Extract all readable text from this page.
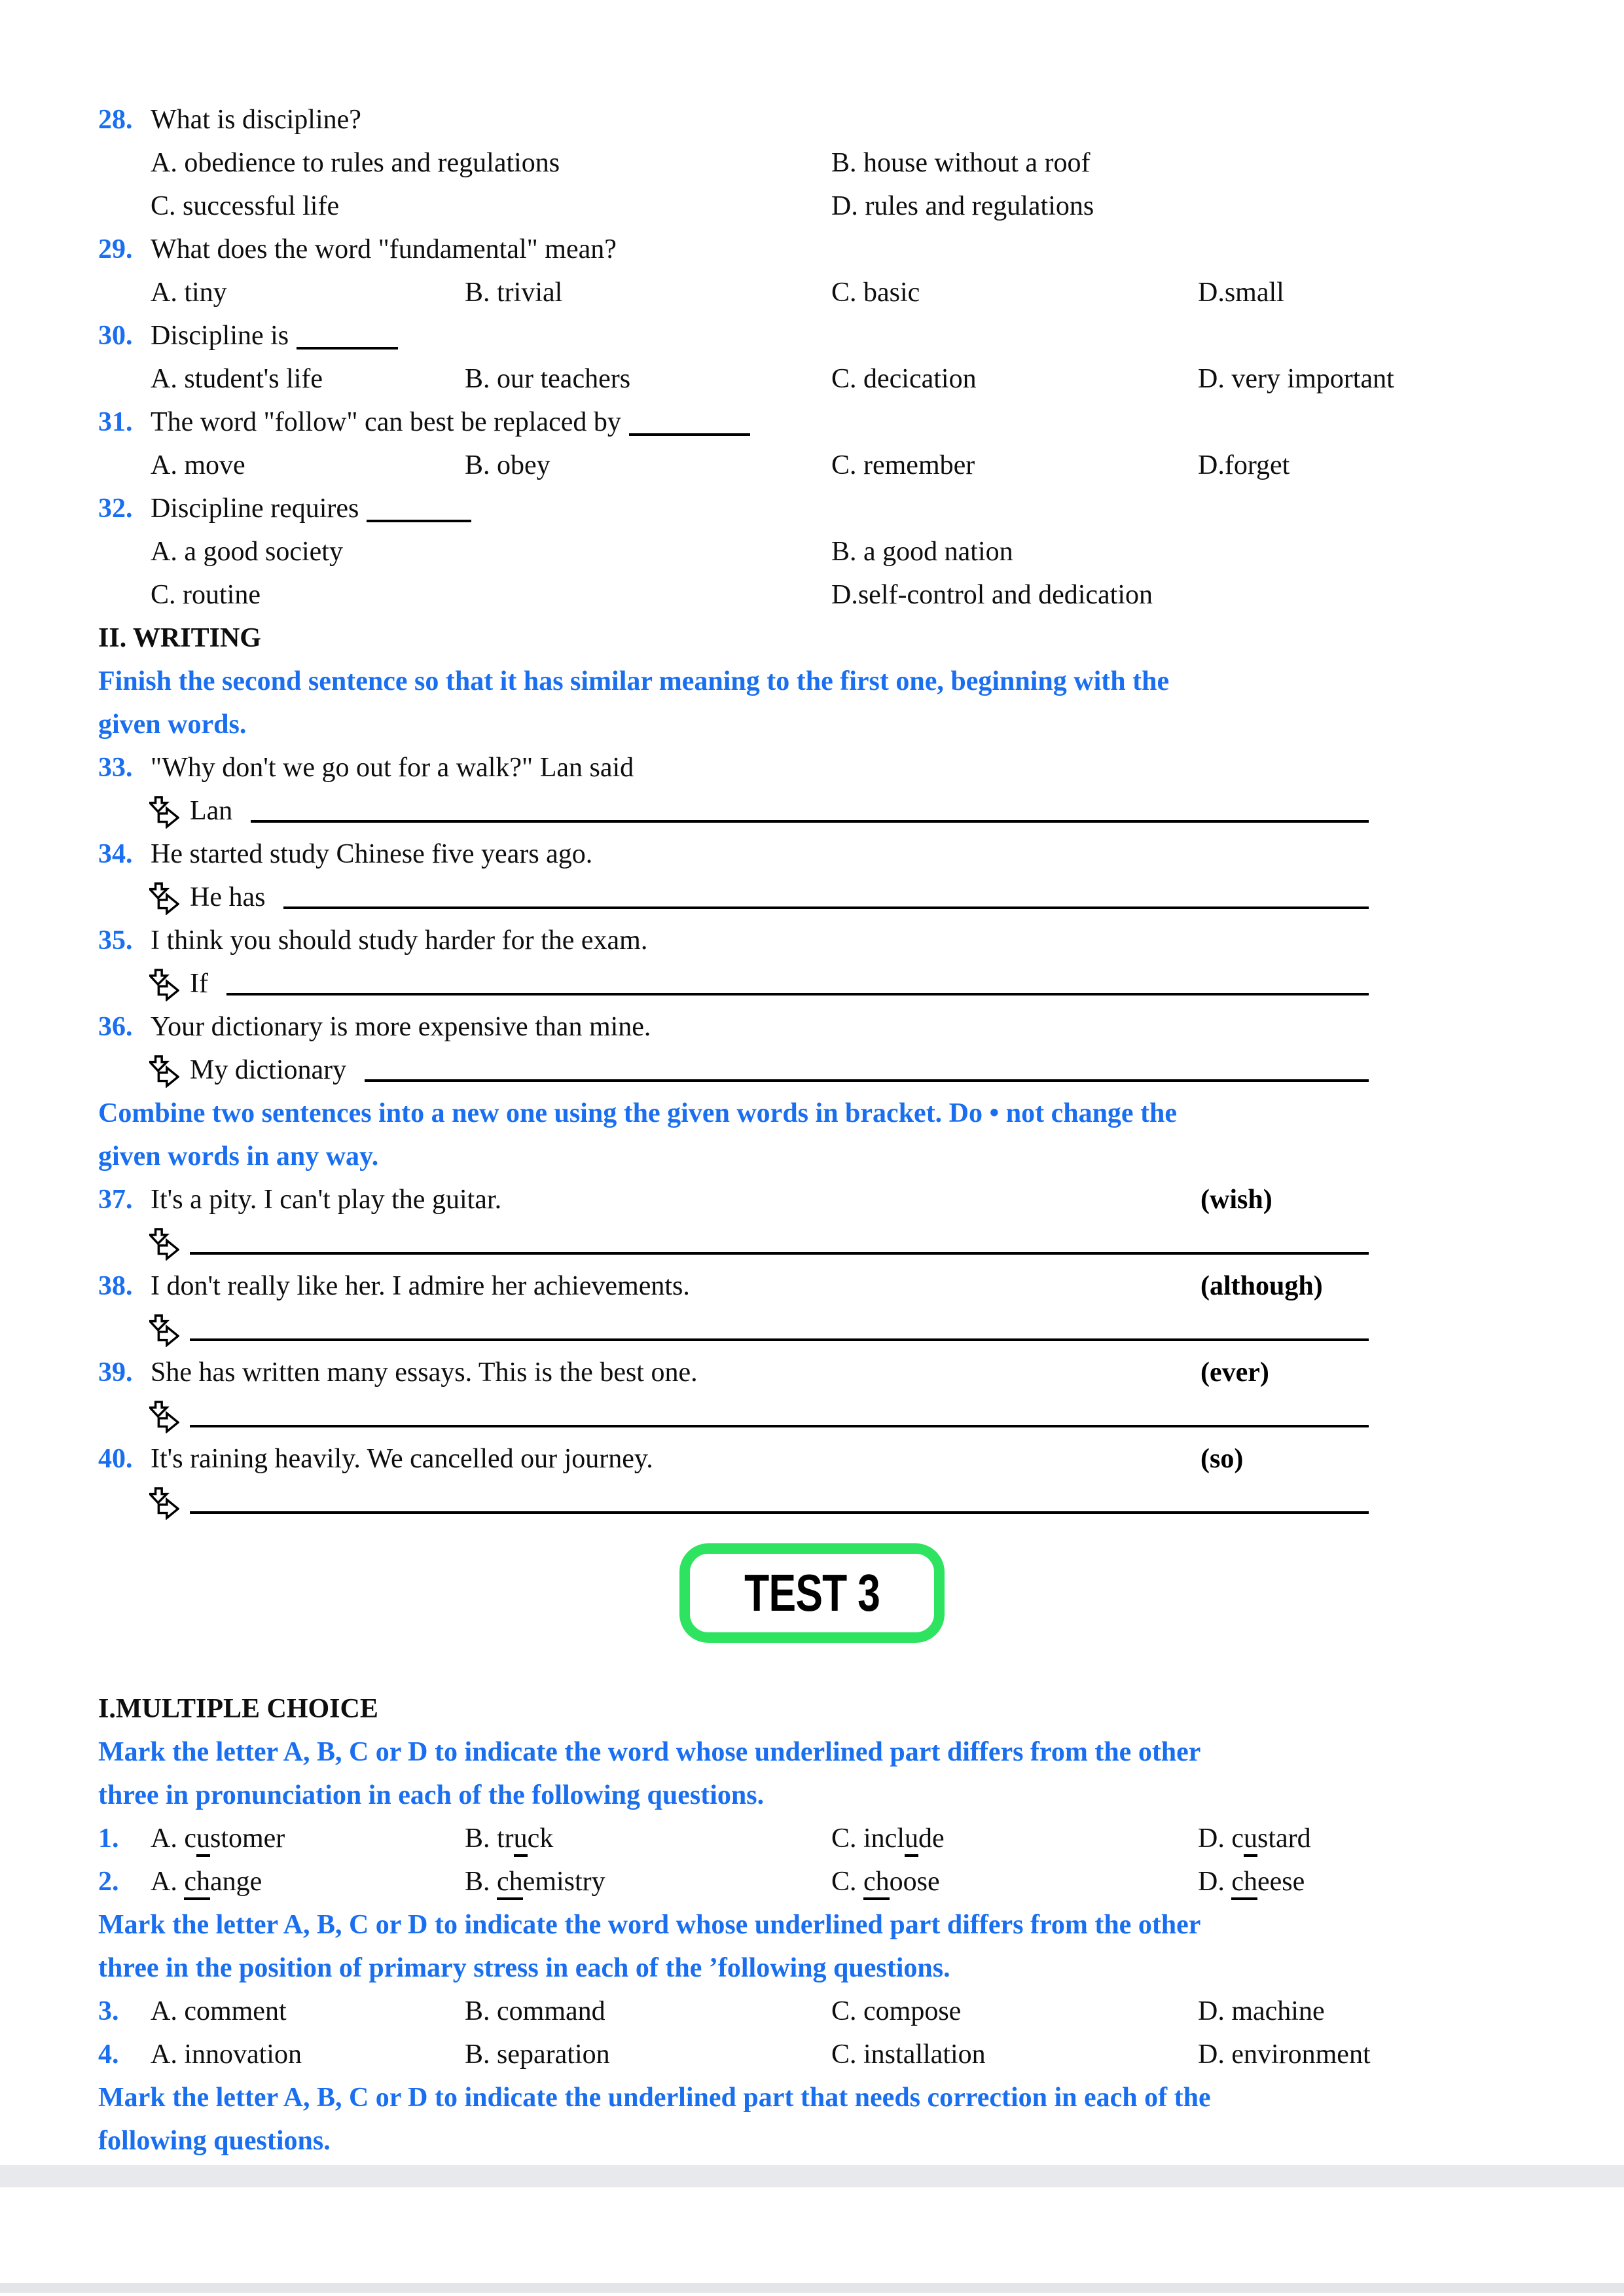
28. What is discipline?
A. obedience to rules and regulations	B. house without a roof
C. successful life	D. rules and regulations
29. What does the word "fundamental" mean?
A. tiny	B. trivial	C. basic	D.small
30. Discipline is
A. student's life	B. our teachers	C. decication	D. very important
31. The word "follow" can best be replaced by
A. move	B. obey	C. remember	D.forget
32. Discipline requires
A. a good society	B. a good nation
C. routine	D.self-control and dedication
II. WRITING
Finish the second sentence so that it has similar meaning to the first one, beginning with the
given words.
33. "Why don't we go out for a walk?" Lan said
Lan
34. He started study Chinese five years ago.
He has
35. I think you should study harder for the exam.
If
36. Your dictionary is more expensive than mine.
My dictionary
Combine two sentences into a new one using the given words in bracket. Do • not change the
given words in any way.
37. It's a pity. I can't play the guitar.	(wish)
38. I don't really like her. I admire her achievements.	(although)
39. She has written many essays. This is the best one.	(ever)
40. It's raining heavily. We cancelled our journey.	(so)
TEST 3
I.MULTIPLE CHOICE
Mark the letter A, B, C or D to indicate the word whose underlined part differs from the other
three in pronunciation in each of the following questions.
1.	A. customer	B. truck	C. include	D. custard
2.	A. change	B. chemistry	C. choose	D. cheese
Mark the letter A, B, C or D to indicate the word whose underlined part differs from the other
three in the position of primary stress in each of the ’following questions.
3.	A. comment	B. command	C. compose	D. machine
4.	A. innovation	B. separation	C. installation	D. environment
Mark the letter A, B, C or D to indicate the underlined part that needs correction in each of the
following questions.
